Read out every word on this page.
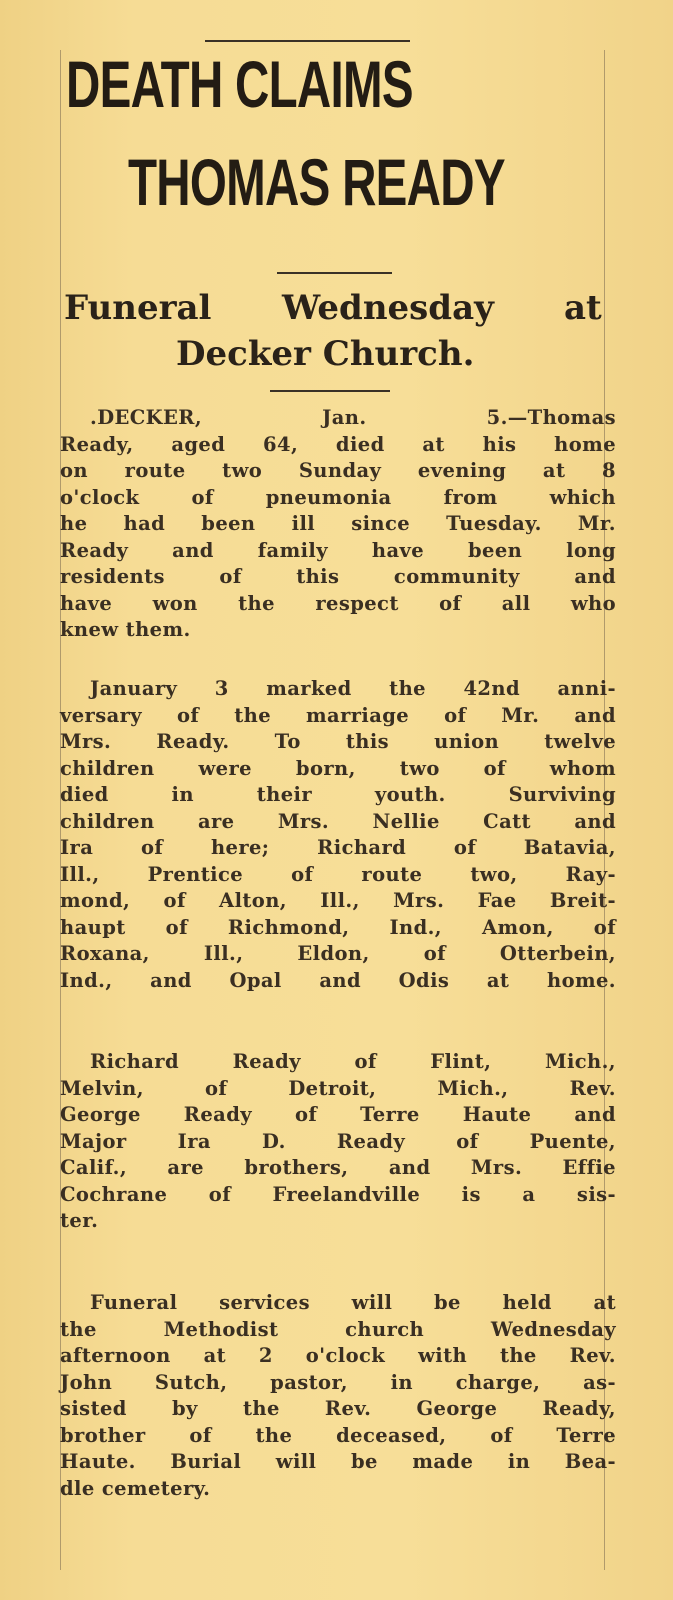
DEATH CLAIMS
THOMAS READY
Funeral Wednesday at
Decker Church.
.DECKER, Jan. 5.—Thomas
Ready, aged 64, died at his home
on route two Sunday evening at 8
o'clock of pneumonia from which
he had been ill since Tuesday. Mr.
Ready and family have been long
residents of this community and
have won the respect of all who
knew them.
January 3 marked the 42nd anni-
versary of the marriage of Mr. and
Mrs. Ready. To this union twelve
children were born, two of whom
died in their youth. Surviving
children are Mrs. Nellie Catt and
Ira of here; Richard of Batavia,
Ill., Prentice of route two, Ray-
mond, of Alton, Ill., Mrs. Fae Breit-
haupt of Richmond, Ind., Amon, of
Roxana, Ill., Eldon, of Otterbein,
Ind., and Opal and Odis at home.
Richard Ready of Flint, Mich.,
Melvin, of Detroit, Mich., Rev.
George Ready of Terre Haute and
Major Ira D. Ready of Puente,
Calif., are brothers, and Mrs. Effie
Cochrane of Freelandville is a sis-
ter.
Funeral services will be held at
the Methodist church Wednesday
afternoon at 2 o'clock with the Rev.
John Sutch, pastor, in charge, as-
sisted by the Rev. George Ready,
brother of the deceased, of Terre
Haute. Burial will be made in Bea-
dle cemetery.
